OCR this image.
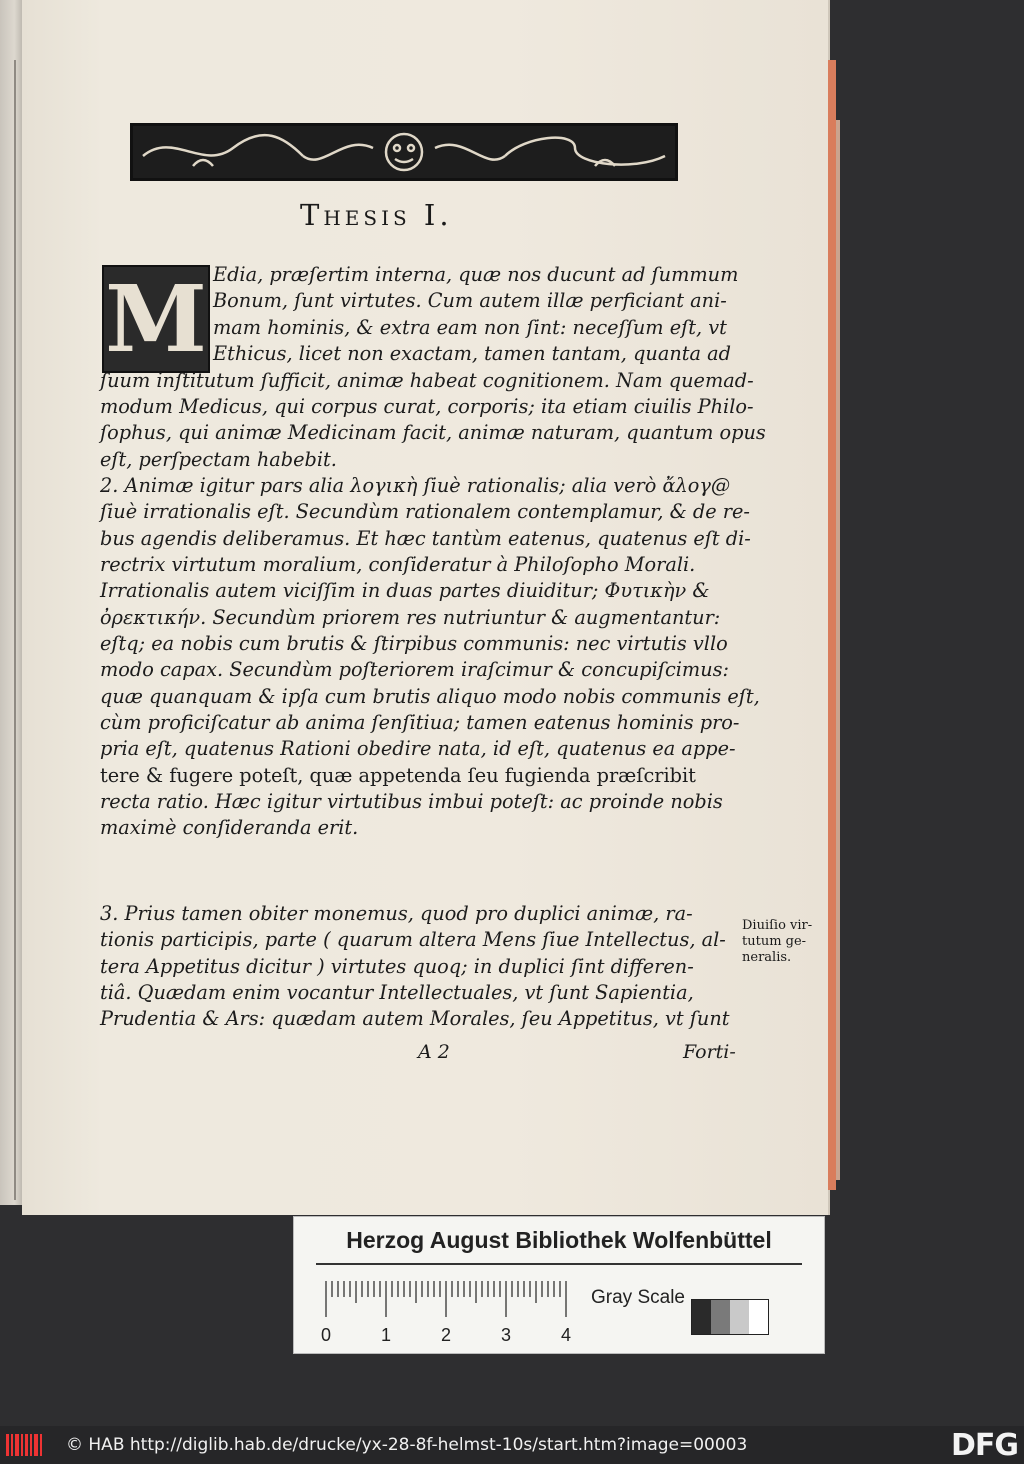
Thesis I.
M Edia, præſertim interna, quæ nos ducunt ad ſummum
Bonum, ſunt virtutes. Cum autem illæ perficiant ani-
mam hominis, & extra eam non ſint: neceſſum eſt, vt
Ethicus, licet non exactam, tamen tantam, quanta ad
ſuum inſtitutum ſufficit, animæ habeat cognitionem. Nam quemad-
modum Medicus, qui corpus curat, corporis; ita etiam ciuilis Philo-
ſophus, qui animæ Medicinam facit, animæ naturam, quantum opus
eſt, perſpectam habebit.
2. Animæ igitur pars alia λογικὴ ſiuè rationalis; alia verò ἄλογ@
ſiuè irrationalis eſt. Secundùm rationalem contemplamur, & de re-
bus agendis deliberamus. Et hæc tantùm eatenus, quatenus eſt di-
rectrix virtutum moralium, conſideratur à Philoſopho Morali.
Irrationalis autem viciſſim in duas partes diuiditur; Φυτικὴν &
ὀρεκτικήν. Secundùm priorem res nutriuntur & augmentantur:
eſtq; ea nobis cum brutis & ſtirpibus communis: nec virtutis vllo
modo capax. Secundùm poſteriorem iraſcimur & concupiſcimus:
quæ quanquam & ipſa cum brutis aliquo modo nobis communis eſt,
cùm proficiſcatur ab anima ſenſitiua; tamen eatenus hominis pro-
pria eſt, quatenus Rationi obedire nata, id eſt, quatenus ea appe-
tere & fugere poteſt, quæ appetenda ſeu fugienda præſcribit
recta ratio. Hæc igitur virtutibus imbui poteſt: ac proinde nobis
maximè conſideranda erit.
3. Prius tamen obiter monemus, quod pro duplici animæ, ra-
tionis participis, parte ( quarum altera Mens ſiue Intellectus, al-
tera Appetitus dicitur ) virtutes quoq; in duplici ſint differen-
tiâ. Quædam enim vocantur Intellectuales, vt ſunt Sapientia,
Prudentia & Ars: quædam autem Morales, ſeu Appetitus, vt ſunt
Diuiſio vir-
tutum ge-
neralis.
A 2	Forti-
Herzog August Bibliothek Wolfenbüttel
0	1	2	3	4
Gray Scale
© HAB http://diglib.hab.de/drucke/yx-28-8f-helmst-10s/start.htm?image=00003	DFG
